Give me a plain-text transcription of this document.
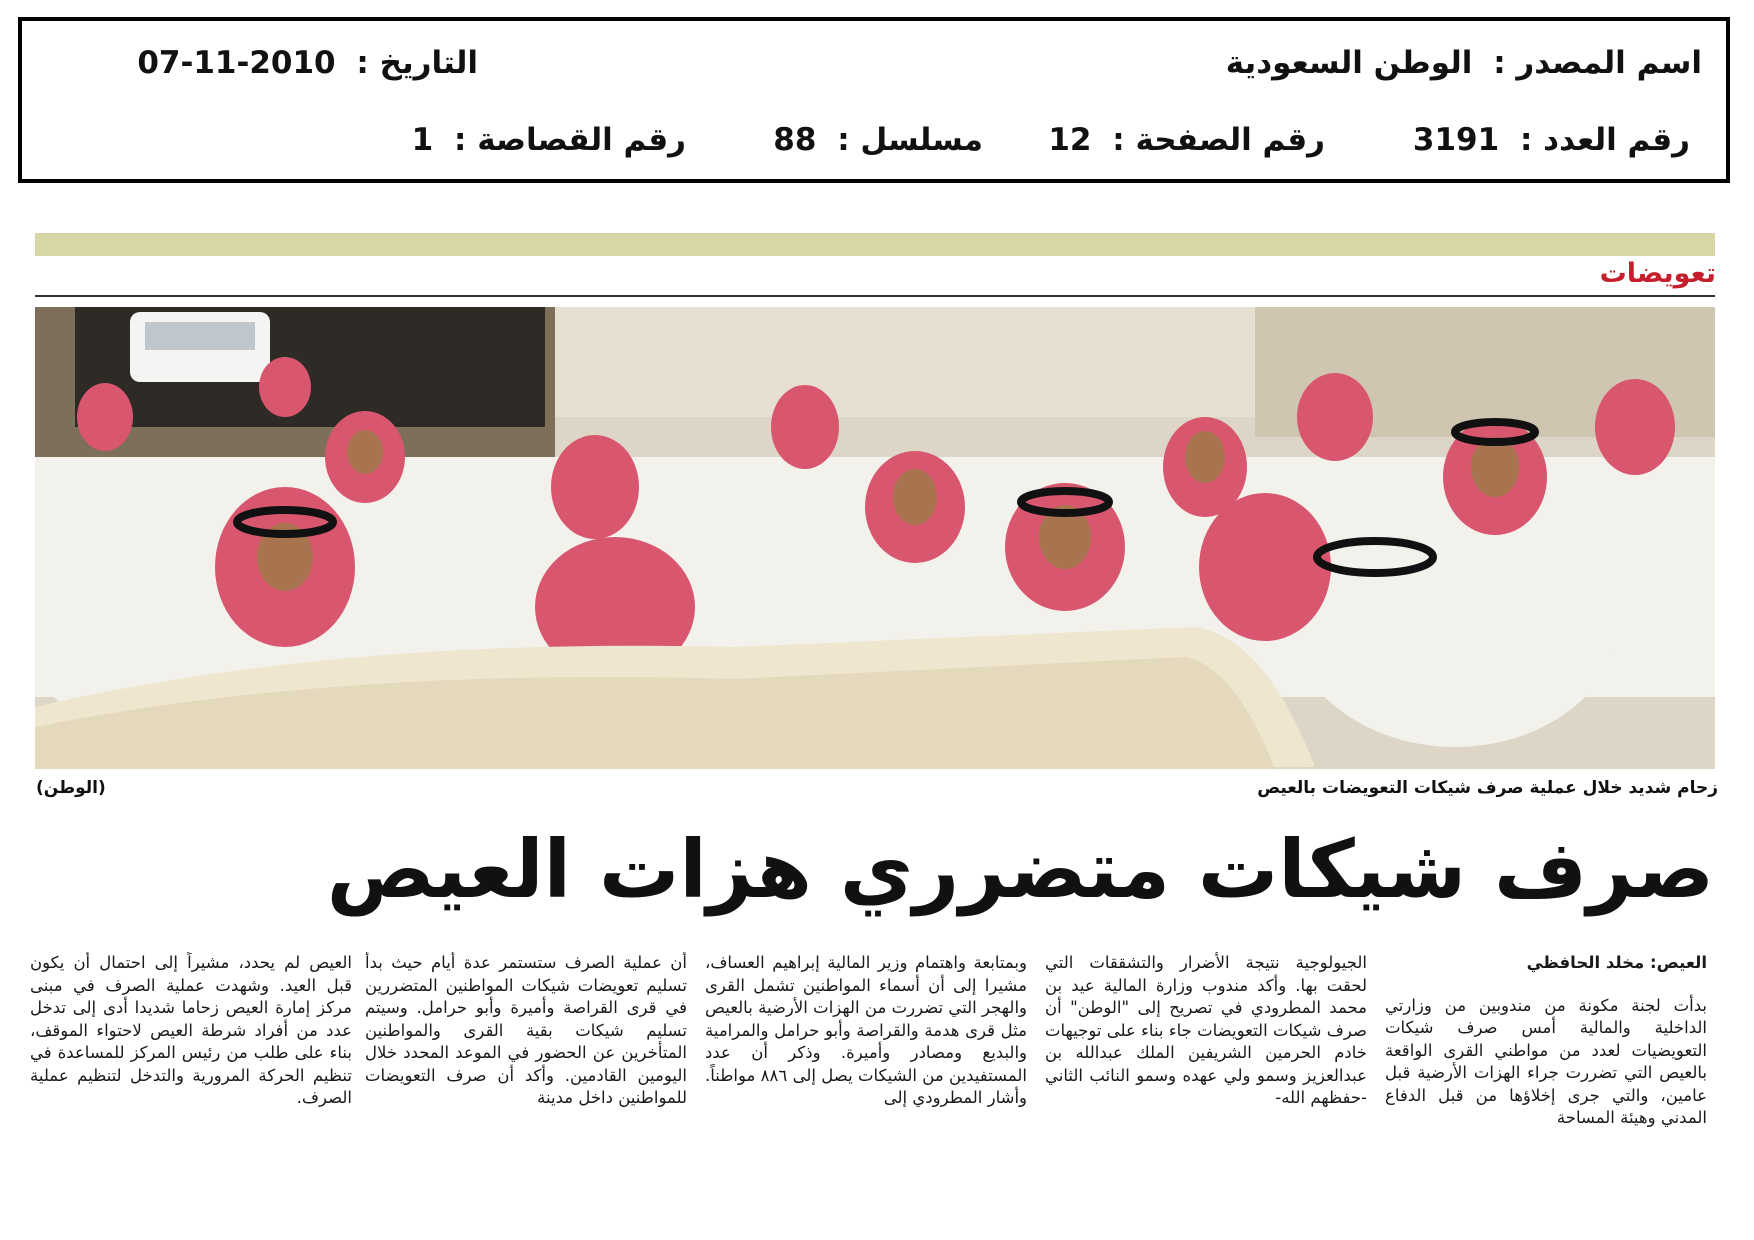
اسم المصدر : الوطن السعودية
التاريخ : 2010-11-07
رقم العدد : 3191
رقم الصفحة : 12
مسلسل : 88
رقم القصاصة : 1
تعويضات
زحام شديد خلال عملية صرف شيكات التعويضات بالعيص
(الوطن)
صرف شيكات متضرري هزات العيص

العيص: مخلد الحافظي

بدأت لجنة مكونة من مندوبين من وزارتي الداخلية والمالية أمس صرف شيكات التعويضيات لعدد من مواطني القرى الواقعة بالعيص التي تضررت جراء الهزات الأرضية قبل عامين، والتي جرى إخلاؤها من قبل الدفاع المدني وهيئة المساحة

الجيولوجية نتيجة الأضرار والتشققات التي لحقت بها. وأكد مندوب وزارة المالية عيد بن محمد المطرودي في تصريح إلى "الوطن" أن صرف شيكات التعويضات جاء بناء على توجيهات خادم الحرمين الشريفين الملك عبدالله بن عبدالعزيز وسمو ولي عهده وسمو النائب الثاني -حفظهم الله-

وبمتابعة واهتمام وزير المالية إبراهيم العساف، مشيرا إلى أن أسماء المواطنين تشمل القرى والهجر التي تضررت من الهزات الأرضية بالعيص مثل قرى هدمة والقراصة وأبو حرامل والمرامية والبديع ومصادر وأميرة. وذكر أن عدد المستفيدين من الشيكات يصل إلى ٨٨٦ مواطناً. وأشار المطرودي إلى

أن عملية الصرف ستستمر عدة أيام حيث بدأ تسليم تعويضات شيكات المواطنين المتضررين في قرى القراصة وأميرة وأبو حرامل. وسيتم تسليم شيكات بقية القرى والمواطنين المتأخرين عن الحضور في الموعد المحدد خلال اليومين القادمين. وأكد أن صرف التعويضات للمواطنين داخل مدينة

العيص لم يحدد، مشيراً إلى احتمال أن يكون قبل العيد. وشهدت عملية الصرف في مبنى مركز إمارة العيص زحاما شديدا أدى إلى تدخل عدد من أفراد شرطة العيص لاحتواء الموقف، بناء على طلب من رئيس المركز للمساعدة في تنظيم الحركة المرورية والتدخل لتنظيم عملية الصرف.
